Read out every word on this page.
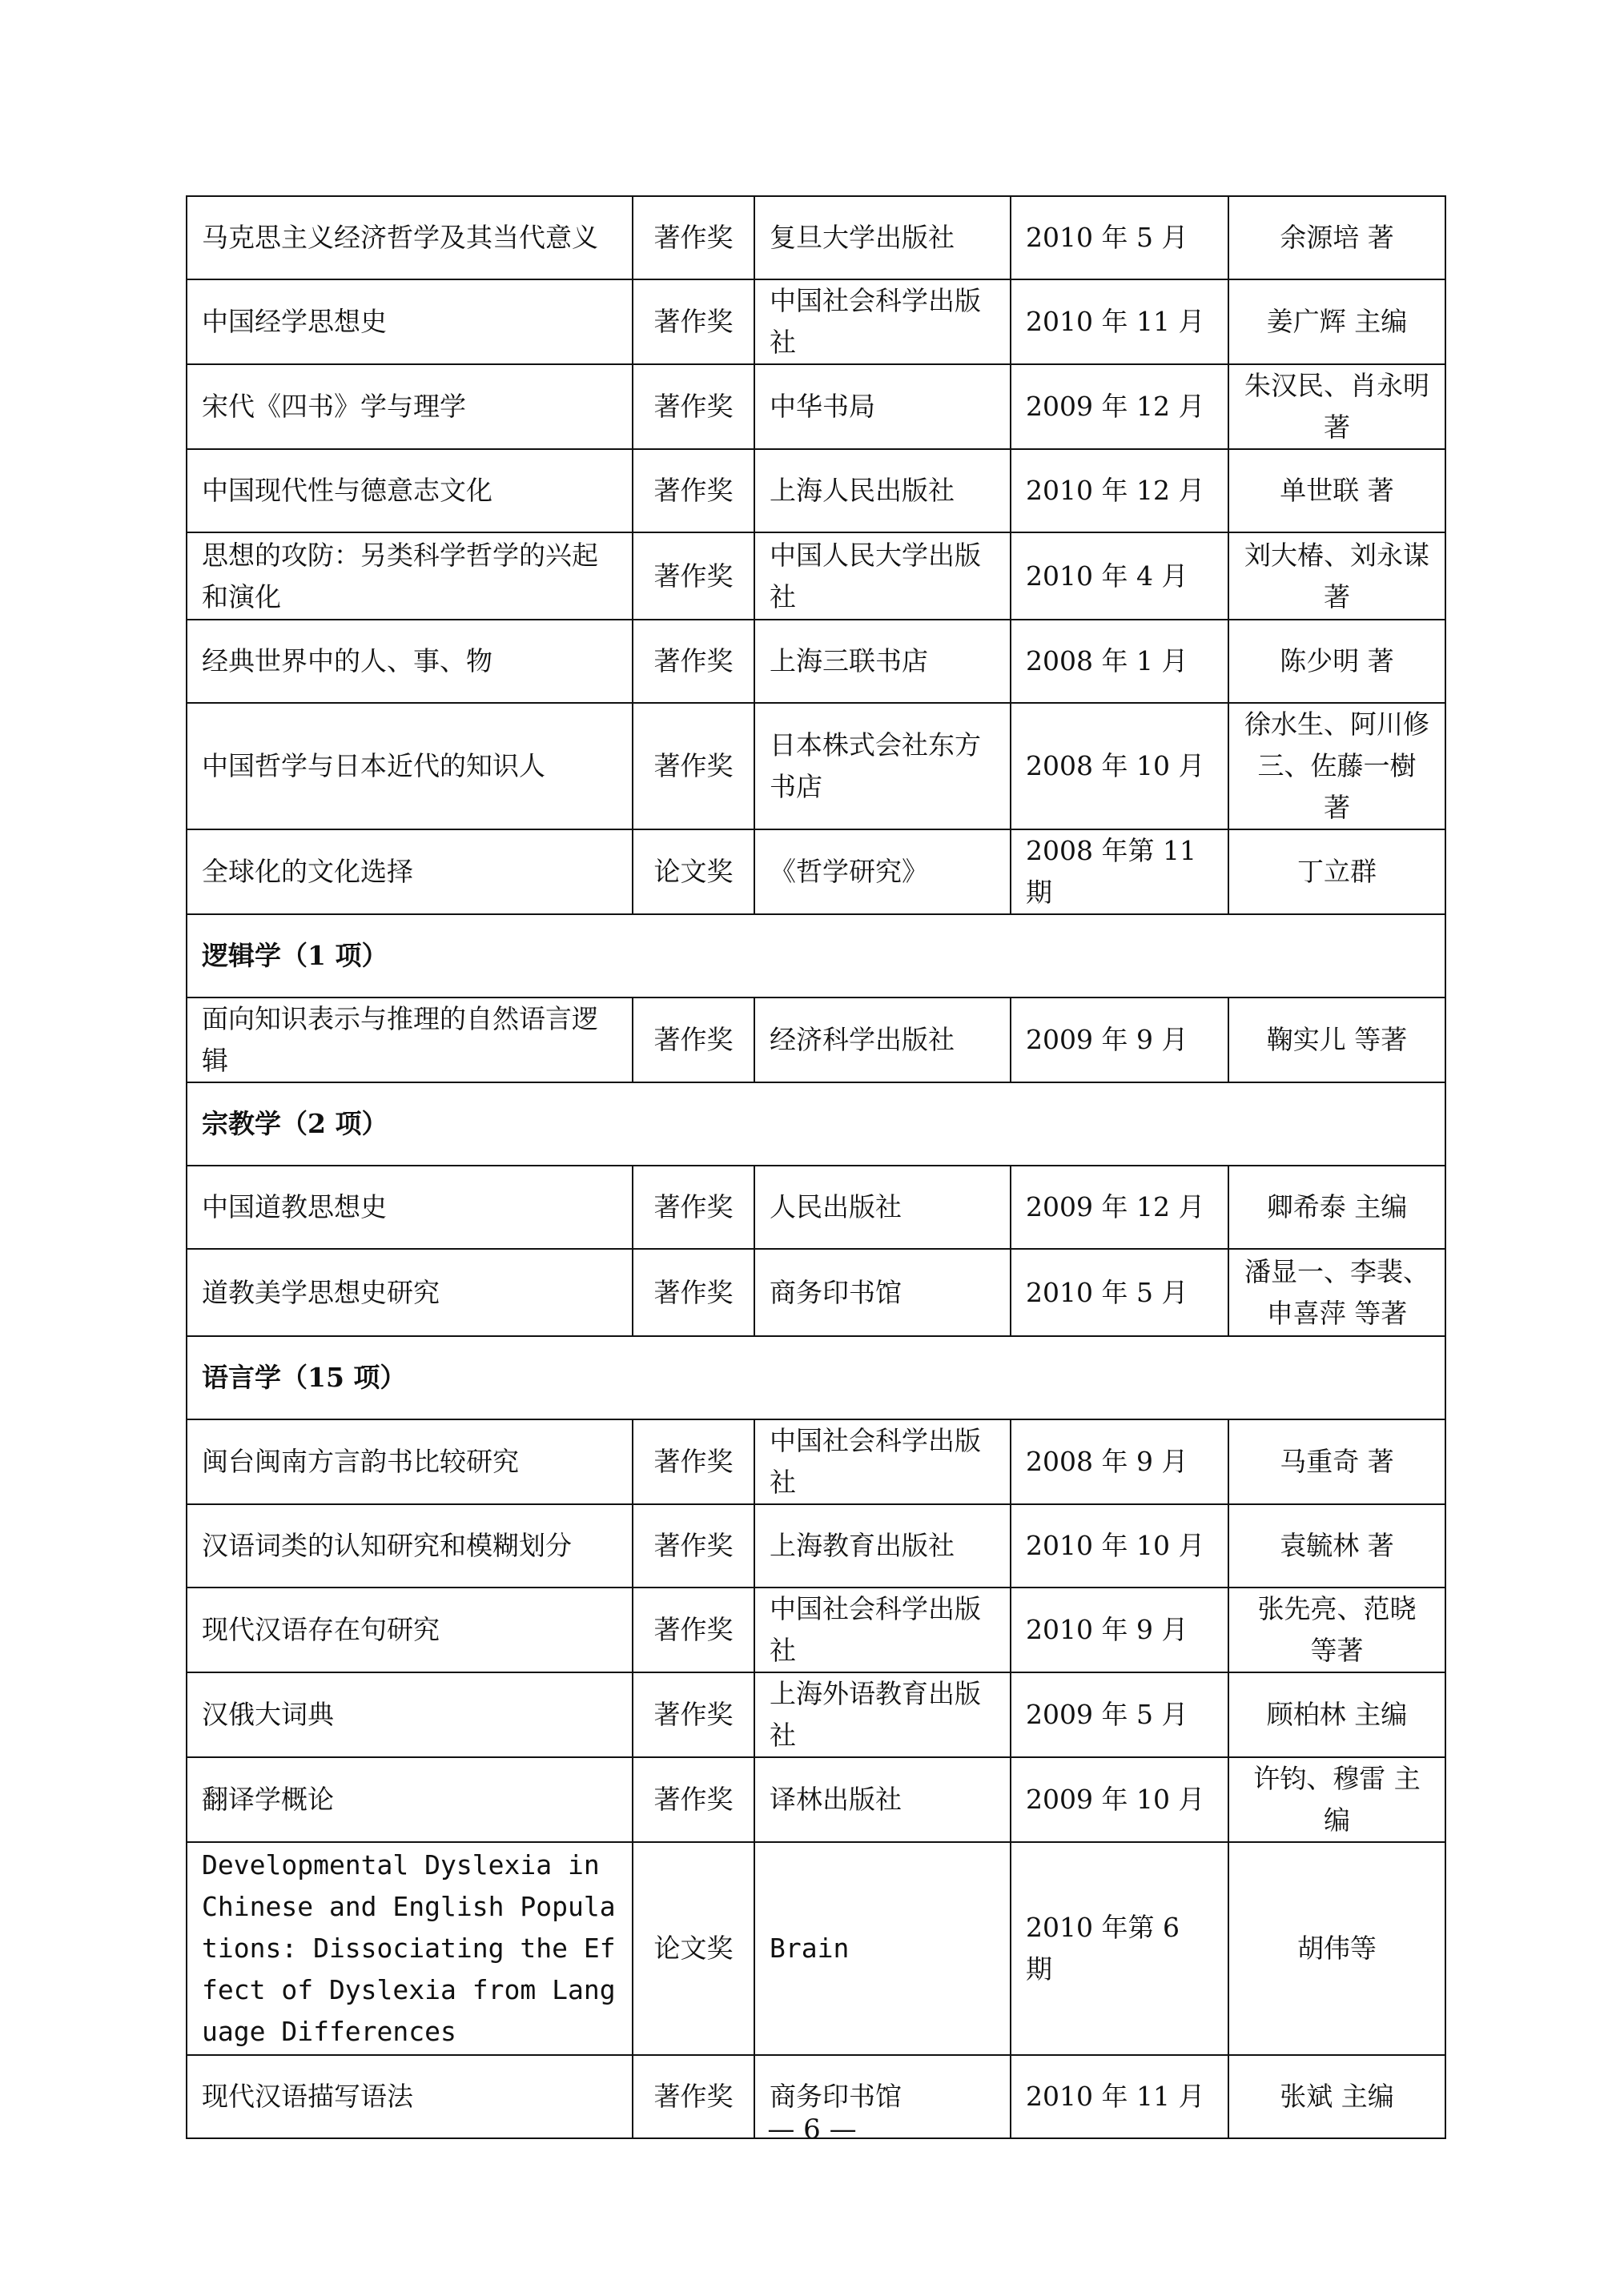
马克思主义经济哲学及其当代意义	著作奖	复旦大学出版社	2010 年 5 月	余源培 著
中国经学思想史	著作奖	中国社会科学出版社	2010 年 11 月	姜广辉 主编
宋代《四书》学与理学	著作奖	中华书局	2009 年 12 月	朱汉民、肖永明 著
中国现代性与德意志文化	著作奖	上海人民出版社	2010 年 12 月	单世联 著
思想的攻防：另类科学哲学的兴起和演化	著作奖	中国人民大学出版社	2010 年 4 月	刘大椿、刘永谋 著
经典世界中的人、事、物	著作奖	上海三联书店	2008 年 1 月	陈少明 著
中国哲学与日本近代的知识人	著作奖	日本株式会社东方书店	2008 年 10 月	徐水生、阿川修三、佐藤一樹 著
全球化的文化选择	论文奖	《哲学研究》	2008 年第 11 期	丁立群
逻辑学（1 项）				
面向知识表示与推理的自然语言逻辑	著作奖	经济科学出版社	2009 年 9 月	鞠实儿 等著
宗教学（2 项）				
中国道教思想史	著作奖	人民出版社	2009 年 12 月	卿希泰 主编
道教美学思想史研究	著作奖	商务印书馆	2010 年 5 月	潘显一、李裴、申喜萍 等著
语言学（15 项）				
闽台闽南方言韵书比较研究	著作奖	中国社会科学出版社	2008 年 9 月	马重奇 著
汉语词类的认知研究和模糊划分	著作奖	上海教育出版社	2010 年 10 月	袁毓林 著
现代汉语存在句研究	著作奖	中国社会科学出版社	2010 年 9 月	张先亮、范晓 等著
汉俄大词典	著作奖	上海外语教育出版社	2009 年 5 月	顾柏林 主编
翻译学概论	著作奖	译林出版社	2009 年 10 月	许钧、穆雷 主编
Developmental Dyslexia in Chinese and English Populations: Dissociating the Effect of Dyslexia from Language Differences	论文奖	Brain	2010 年第 6 期	胡伟等
现代汉语描写语法	著作奖	商务印书馆	2010 年 11 月	张斌 主编
— 6 —
